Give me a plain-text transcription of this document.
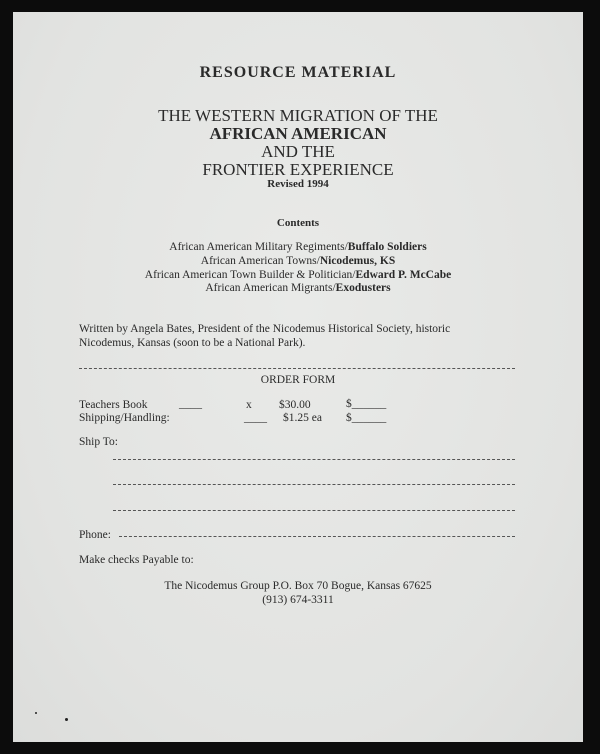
RESOURCE MATERIAL
THE WESTERN MIGRATION OF THE
AFRICAN AMERICAN
AND THE
FRONTIER EXPERIENCE
Revised 1994
Contents
African American Military Regiments/Buffalo Soldiers
African American Towns/Nicodemus, KS
African American Town Builder & Politician/Edward P. McCabe
African American Migrants/Exodusters
Written by Angela Bates, President of the Nicodemus Historical Society, historic
Nicodemus, Kansas (soon to be a National Park).
ORDER FORM
Teachers Book	____	x $30.00	$______
Shipping/Handling:	____ $1.25 ea $______
Ship To:
Phone:
Make checks Payable to:
The Nicodemus Group P.O. Box 70 Bogue, Kansas 67625
(913) 674-3311
